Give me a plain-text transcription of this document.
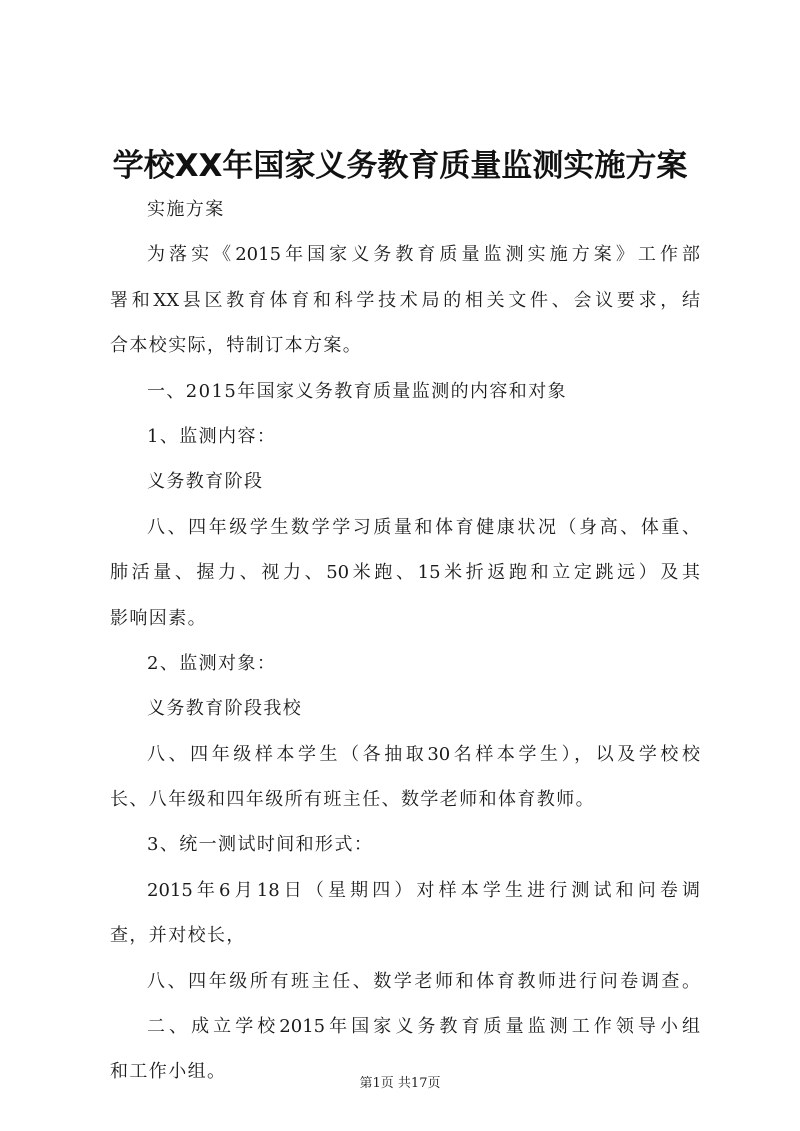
学校XX年国家义务教育质量监测实施方案
实施方案
为落实《2015年国家义务教育质量监测实施方案》工作部
署和XX县区教育体育和科学技术局的相关文件、会议要求，结
合本校实际，特制订本方案。
一、2015年国家义务教育质量监测的内容和对象
1、监测内容：
义务教育阶段
八、四年级学生数学学习质量和体育健康状况（身高、体重、
肺活量、握力、视力、50米跑、15米折返跑和立定跳远）及其
影响因素。
2、监测对象：
义务教育阶段我校
八、四年级样本学生（各抽取30名样本学生），以及学校校
长、八年级和四年级所有班主任、数学老师和体育教师。
3、统一测试时间和形式：
2015年6月18日（星期四）对样本学生进行测试和问卷调
查，并对校长，
八、四年级所有班主任、数学老师和体育教师进行问卷调查。
二、成立学校2015年国家义务教育质量监测工作领导小组
和工作小组。
第1页 共17页
